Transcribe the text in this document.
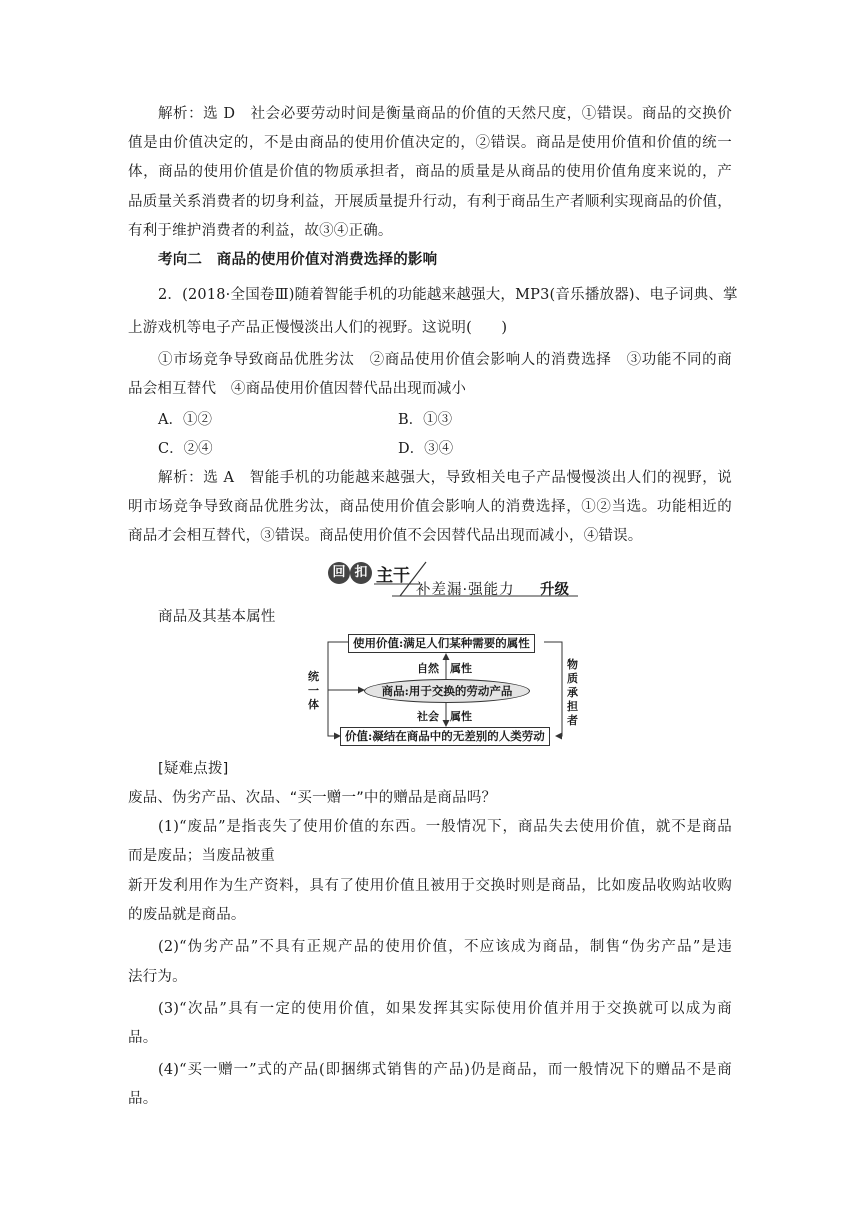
解析：选 D　社会必要劳动时间是衡量商品的价值的天然尺度，①错误。商品的交换价
值是由价值决定的，不是由商品的使用价值决定的，②错误。商品是使用价值和价值的统一
体，商品的使用价值是价值的物质承担者，商品的质量是从商品的使用价值角度来说的，产
品质量关系消费者的切身利益，开展质量提升行动，有利于商品生产者顺利实现商品的价值，
有利于维护消费者的利益，故③④正确。
考向二　商品的使用价值对消费选择的影响
2．(2018·全国卷Ⅲ)随着智能手机的功能越来越强大，MP3(音乐播放器)、电子词典、掌
上游戏机等电子产品正慢慢淡出人们的视野。这说明(　　)
①市场竞争导致商品优胜劣汰　②商品使用价值会影响人的消费选择　③功能不同的商
品会相互替代　④商品使用价值因替代品出现而减小
A．①②	B．①③
C．②④	D．③④
解析：选 A　智能手机的功能越来越强大，导致相关电子产品慢慢淡出人们的视野，说
明市场竞争导致商品优胜劣汰，商品使用价值会影响人的消费选择，①②当选。功能相近的
商品才会相互替代，③错误。商品使用价值不会因替代品出现而减小，④错误。
回 扣 主干
补差漏·强能力 升级
商品及其基本属性
使用价值:满足人们某种需要的属性
自然　属性
商品:用于交换的劳动产品
社会　属性
价值:凝结在商品中的无差别的人类劳动
统一体
物质承担者
[疑难点拨]
废品、伪劣产品、次品、“买一赠一”中的赠品是商品吗？
(1)“废品”是指丧失了使用价值的东西。一般情况下，商品失去使用价值，就不是商品
而是废品；当废品被重
新开发利用作为生产资料，具有了使用价值且被用于交换时则是商品，比如废品收购站收购
的废品就是商品。
(2)“伪劣产品”不具有正规产品的使用价值，不应该成为商品，制售“伪劣产品”是违
法行为。
(3)“次品”具有一定的使用价值，如果发挥其实际使用价值并用于交换就可以成为商
品。
(4)“买一赠一”式的产品(即捆绑式销售的产品)仍是商品，而一般情况下的赠品不是商
品。
